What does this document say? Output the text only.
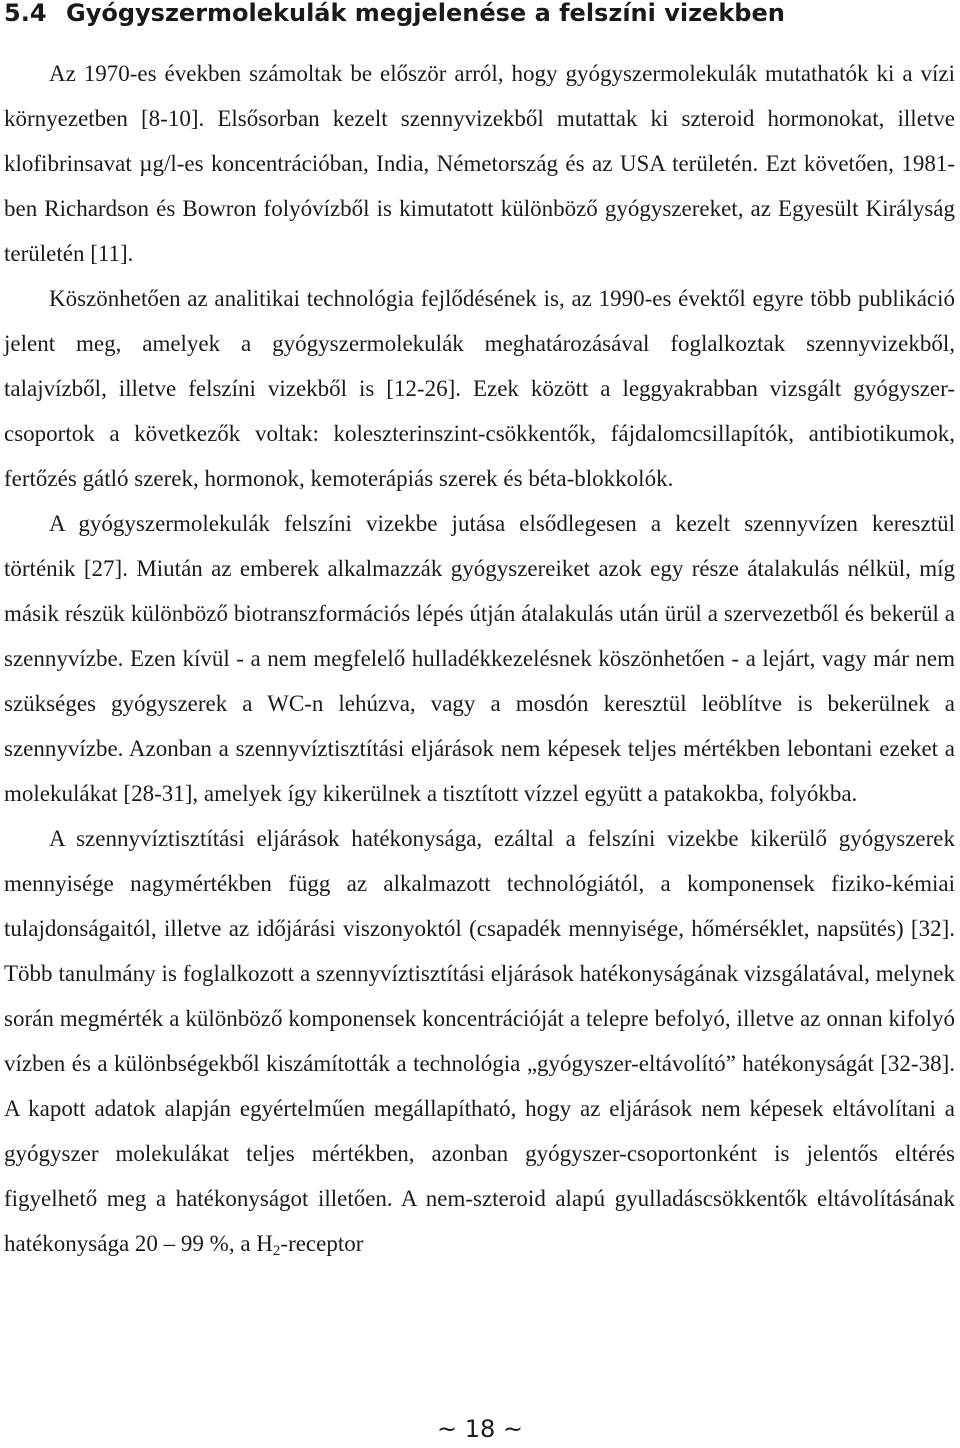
5.4 Gyógyszermolekulák megjelenése a felszíni vizekben

Az 1970-es években számoltak be először arról, hogy gyógyszermolekulák mutathatók ki a vízi környezetben [8-10]. Elsősorban kezelt szennyvizekből mutattak ki szteroid hormonokat, illetve klofibrinsavat µg/l-es koncentrációban, India, Németország és az USA területén. Ezt követően, 1981-ben Richardson és Bowron folyóvízből is kimutatott különböző gyógyszereket, az Egyesült Királyság területén [11].

Köszönhetően az analitikai technológia fejlődésének is, az 1990-es évektől egyre több publikáció jelent meg, amelyek a gyógyszermolekulák meghatározásával foglalkoztak szennyvizekből, talajvízből, illetve felszíni vizekből is [12-26]. Ezek között a leggyakrabban vizsgált gyógyszer-csoportok a következők voltak: koleszterinszint-csökkentők, fájdalomcsillapítók, antibiotikumok, fertőzés gátló szerek, hormonok, kemoterápiás szerek és béta-blokkolók.

A gyógyszermolekulák felszíni vizekbe jutása elsődlegesen a kezelt szennyvízen keresztül történik [27]. Miután az emberek alkalmazzák gyógyszereiket azok egy része átalakulás nélkül, míg másik részük különböző biotranszformációs lépés útján átalakulás után ürül a szervezetből és bekerül a szennyvízbe. Ezen kívül - a nem megfelelő hulladékkezelésnek köszönhetően - a lejárt, vagy már nem szükséges gyógyszerek a WC-n lehúzva, vagy a mosdón keresztül leöblítve is bekerülnek a szennyvízbe. Azonban a szennyvíztisztítási eljárások nem képesek teljes mértékben lebontani ezeket a molekulákat [28-31], amelyek így kikerülnek a tisztított vízzel együtt a patakokba, folyókba.

A szennyvíztisztítási eljárások hatékonysága, ezáltal a felszíni vizekbe kikerülő gyógyszerek mennyisége nagymértékben függ az alkalmazott technológiától, a komponensek fiziko-kémiai tulajdonságaitól, illetve az időjárási viszonyoktól (csapadék mennyisége, hőmérséklet, napsütés) [32]. Több tanulmány is foglalkozott a szennyvíztisztítási eljárások hatékonyságának vizsgálatával, melynek során megmérték a különböző komponensek koncentrációját a telepre befolyó, illetve az onnan kifolyó vízben és a különbségekből kiszámították a technológia „gyógyszer-eltávolító” hatékonyságát [32-38]. A kapott adatok alapján egyértelműen megállapítható, hogy az eljárások nem képesek eltávolítani a gyógyszer molekulákat teljes mértékben, azonban gyógyszer-csoportonként is jelentős eltérés figyelhető meg a hatékonyságot illetően. A nem-szteroid alapú gyulladáscsökkentők eltávolításának hatékonysága 20 – 99 %, a $H_2$-receptor

~ 18 ~
